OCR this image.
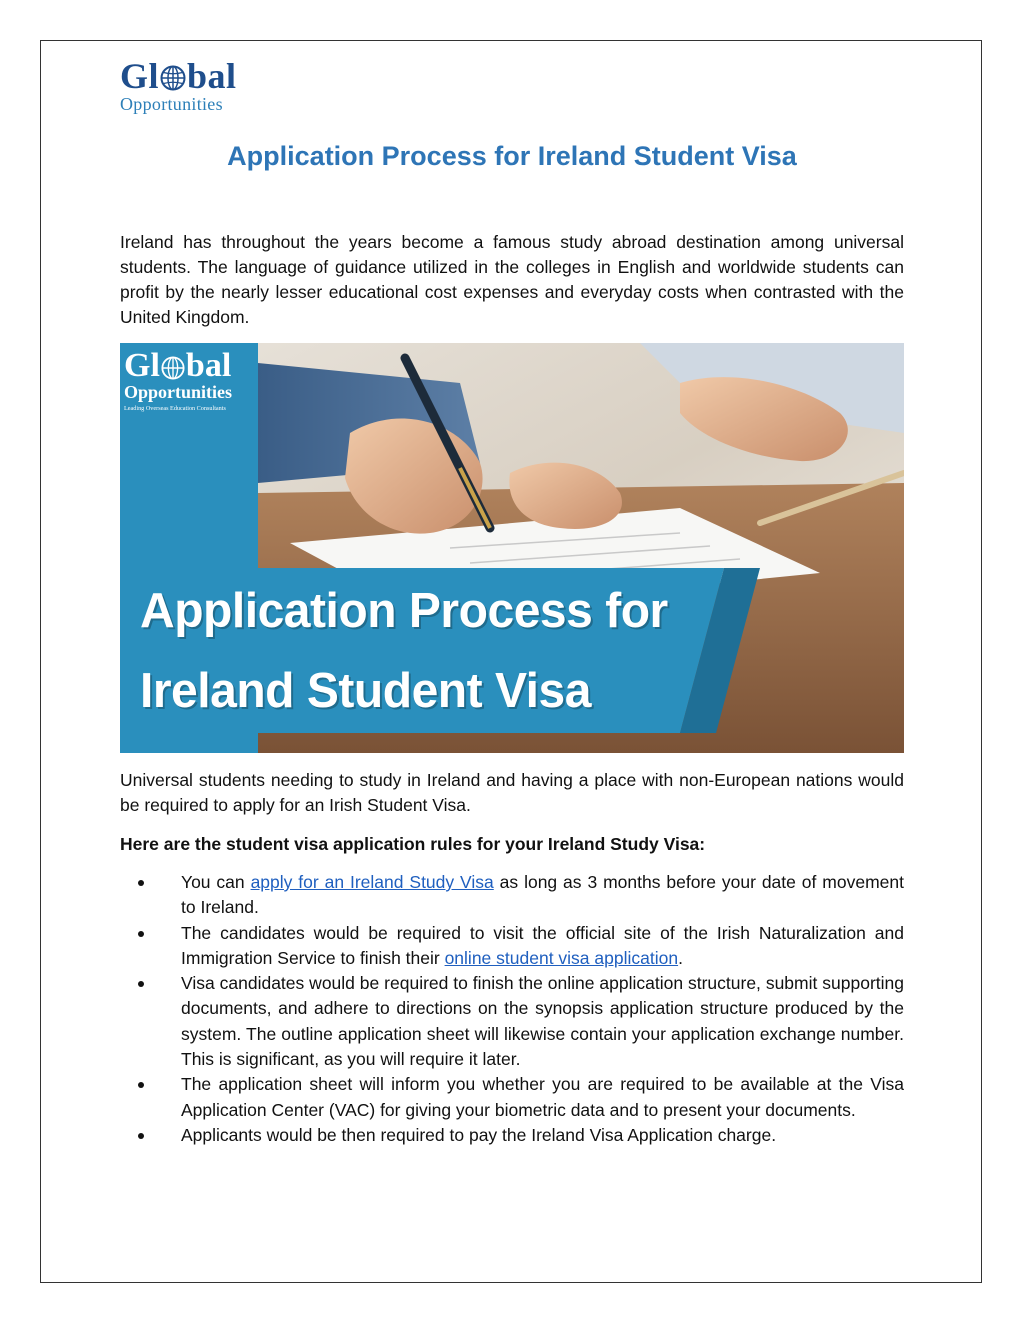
Gl bal
Opportunities
Application Process for Ireland Student Visa

Ireland has throughout the years become a famous study abroad destination among universal students. The language of guidance utilized in the colleges in English and worldwide students can profit by the nearly lesser educational cost expenses and everyday costs when contrasted with the United Kingdom.

Gl bal
Opportunities
Leading Overseas Education Consultants
Application Process for
Ireland Student Visa

Universal students needing to study in Ireland and having a place with non-European nations would be required to apply for an Irish Student Visa.

Here are the student visa application rules for your Ireland Study Visa:

You can apply for an Ireland Study Visa as long as 3 months before your date of movement to Ireland.
The candidates would be required to visit the official site of the Irish Naturalization and Immigration Service to finish their online student visa application.
Visa candidates would be required to finish the online application structure, submit supporting documents, and adhere to directions on the synopsis application structure produced by the system. The outline application sheet will likewise contain your application exchange number. This is significant, as you will require it later.
The application sheet will inform you whether you are required to be available at the Visa Application Center (VAC) for giving your biometric data and to present your documents.
Applicants would be then required to pay the Ireland Visa Application charge.
